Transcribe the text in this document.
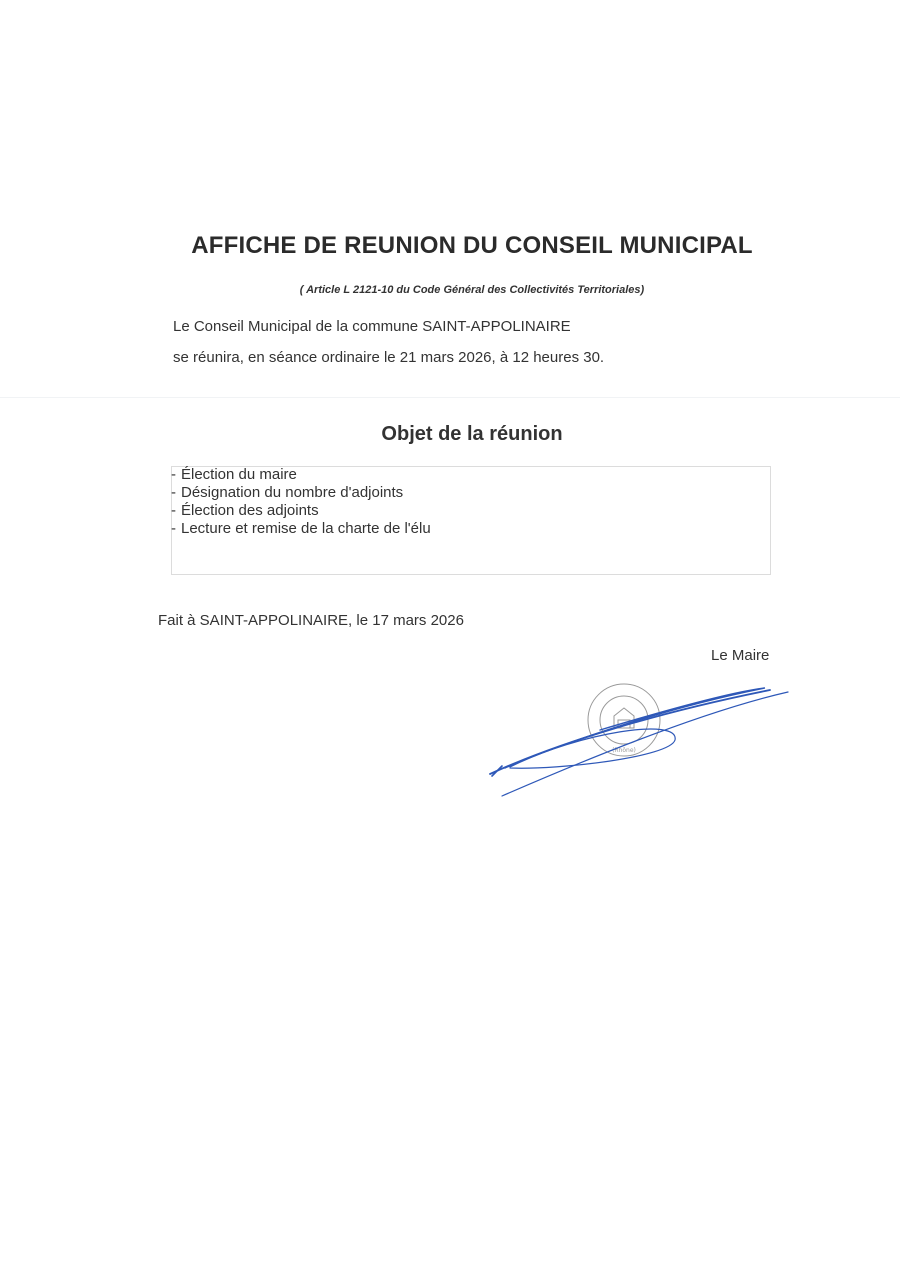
AFFICHE DE REUNION DU CONSEIL MUNICIPAL
( Article L 2121-10 du Code Général des Collectivités Territoriales)
Le Conseil Municipal de la commune SAINT-APPOLINAIRE
se réunira, en séance ordinaire le 21 mars 2026, à 12 heures 30.
Objet de la réunion
- Élection du maire
- Désignation du nombre d'adjoints
- Élection des adjoints
- Lecture et remise de la charte de l'élu
Fait à SAINT-APPOLINAIRE, le 17 mars 2026
Le Maire
(Rhône)
